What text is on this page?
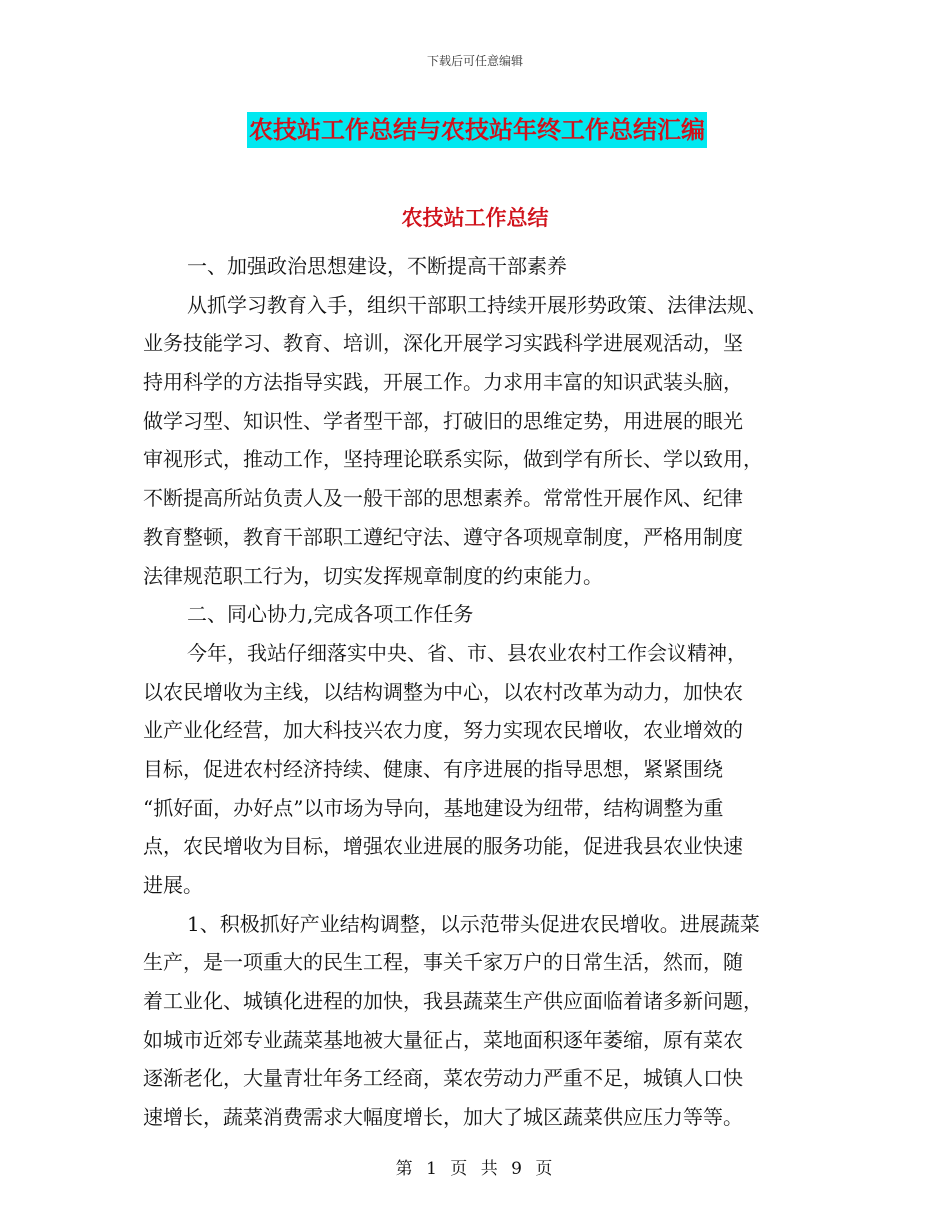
下载后可任意编辑
农技站工作总结与农技站年终工作总结汇编
农技站工作总结
一、加强政治思想建设，不断提高干部素养
从抓学习教育入手，组织干部职工持续开展形势政策、法律法规、
业务技能学习、教育、培训，深化开展学习实践科学进展观活动，坚
持用科学的方法指导实践，开展工作。力求用丰富的知识武装头脑，
做学习型、知识性、学者型干部，打破旧的思维定势，用进展的眼光
审视形式，推动工作，坚持理论联系实际，做到学有所长、学以致用，
不断提高所站负责人及一般干部的思想素养。常常性开展作风、纪律
教育整顿，教育干部职工遵纪守法、遵守各项规章制度，严格用制度
法律规范职工行为，切实发挥规章制度的约束能力。
二、同心协力,完成各项工作任务
今年，我站仔细落实中央、省、市、县农业农村工作会议精神，
以农民增收为主线，以结构调整为中心，以农村改革为动力，加快农
业产业化经营，加大科技兴农力度，努力实现农民增收，农业增效的
目标，促进农村经济持续、健康、有序进展的指导思想，紧紧围绕
“抓好面，办好点”以市场为导向，基地建设为纽带，结构调整为重
点，农民增收为目标，增强农业进展的服务功能，促进我县农业快速
进展。
1、积极抓好产业结构调整，以示范带头促进农民增收。进展蔬菜
生产，是一项重大的民生工程，事关千家万户的日常生活，然而，随
着工业化、城镇化进程的加快，我县蔬菜生产供应面临着诸多新问题，
如城市近郊专业蔬菜基地被大量征占，菜地面积逐年萎缩，原有菜农
逐渐老化，大量青壮年务工经商，菜农劳动力严重不足，城镇人口快
速增长，蔬菜消费需求大幅度增长，加大了城区蔬菜供应压力等等。
第 1 页 共 9 页
